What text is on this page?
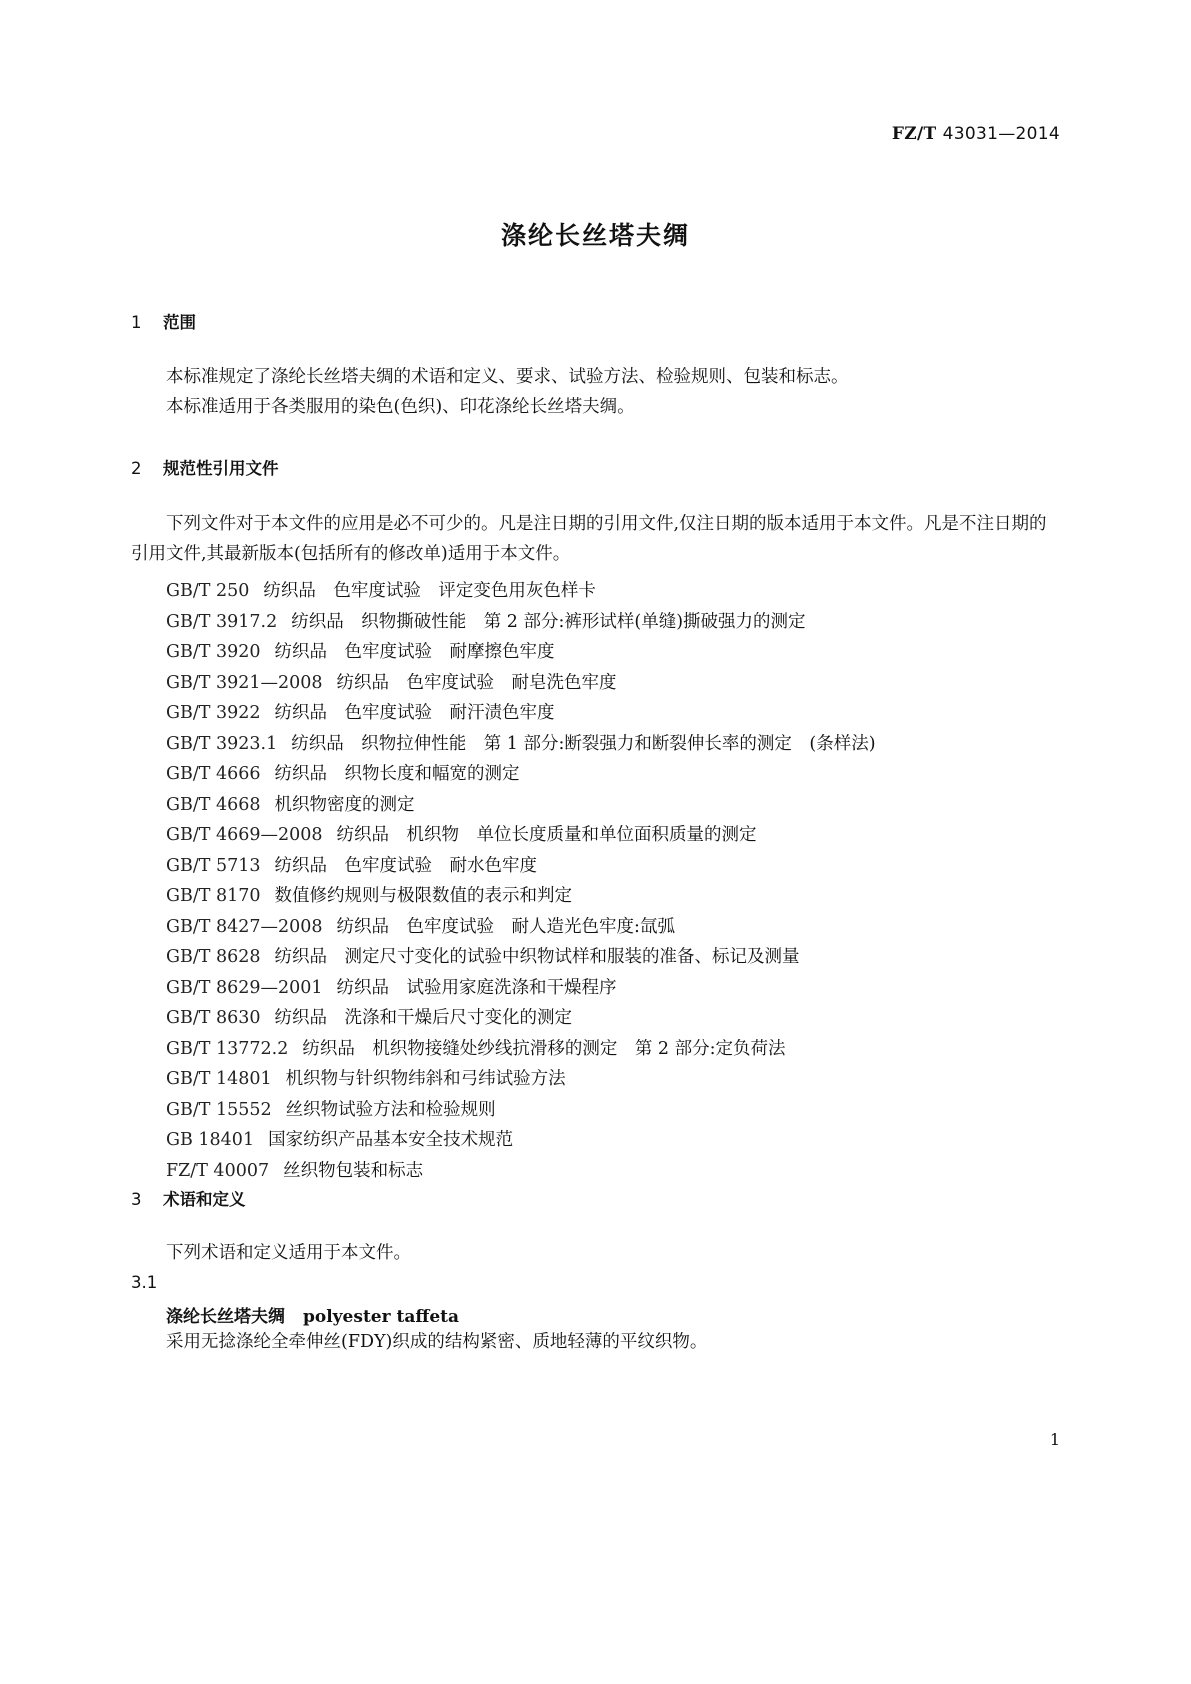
FZ/T 43031—2014
涤纶长丝塔夫绸
1 范围
本标准规定了涤纶长丝塔夫绸的术语和定义、要求、试验方法、检验规则、包装和标志。
本标准适用于各类服用的染色(色织)、印花涤纶长丝塔夫绸。
2 规范性引用文件
下列文件对于本文件的应用是必不可少的。凡是注日期的引用文件,仅注日期的版本适用于本文件。凡是不注日期的引用文件,其最新版本(包括所有的修改单)适用于本文件。
GB/T 250 纺织品　色牢度试验　评定变色用灰色样卡
GB/T 3917.2 纺织品　织物撕破性能　第 2 部分:裤形试样(单缝)撕破强力的测定
GB/T 3920 纺织品　色牢度试验　耐摩擦色牢度
GB/T 3921—2008 纺织品　色牢度试验　耐皂洗色牢度
GB/T 3922 纺织品　色牢度试验　耐汗渍色牢度
GB/T 3923.1 纺织品　织物拉伸性能　第 1 部分:断裂强力和断裂伸长率的测定　(条样法)
GB/T 4666 纺织品　织物长度和幅宽的测定
GB/T 4668 机织物密度的测定
GB/T 4669—2008 纺织品　机织物　单位长度质量和单位面积质量的测定
GB/T 5713 纺织品　色牢度试验　耐水色牢度
GB/T 8170 数值修约规则与极限数值的表示和判定
GB/T 8427—2008 纺织品　色牢度试验　耐人造光色牢度:氙弧
GB/T 8628 纺织品　测定尺寸变化的试验中织物试样和服装的准备、标记及测量
GB/T 8629—2001 纺织品　试验用家庭洗涤和干燥程序
GB/T 8630 纺织品　洗涤和干燥后尺寸变化的测定
GB/T 13772.2 纺织品　机织物接缝处纱线抗滑移的测定　第 2 部分:定负荷法
GB/T 14801 机织物与针织物纬斜和弓纬试验方法
GB/T 15552 丝织物试验方法和检验规则
GB 18401 国家纺织产品基本安全技术规范
FZ/T 40007 丝织物包装和标志
3 术语和定义
下列术语和定义适用于本文件。
3.1
涤纶长丝塔夫绸 polyester taffeta
采用无捻涤纶全牵伸丝(FDY)织成的结构紧密、质地轻薄的平纹织物。
1
